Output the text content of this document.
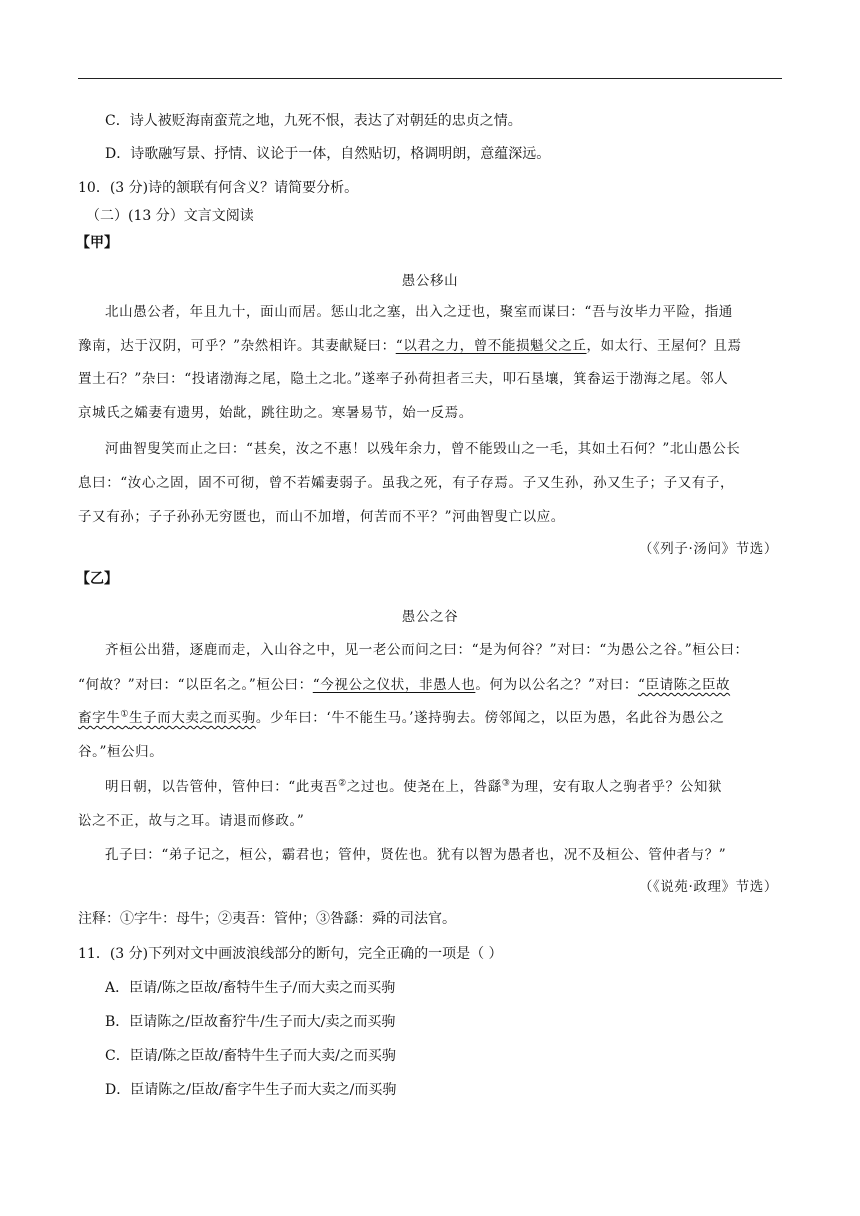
C．诗人被贬海南蛮荒之地，九死不恨，表达了对朝廷的忠贞之情。
D．诗歌融写景、抒情、议论于一体，自然贴切，格调明朗，意蕴深远。
10．(3 分)诗的颔联有何含义？请简要分析。
（二）(13 分）文言文阅读
【甲】
愚公移山
北山愚公者，年且九十，面山而居。惩山北之塞，出入之迂也，聚室而谋曰：“吾与汝毕力平险，指通
豫南，达于汉阴，可乎？”杂然相许。其妻献疑曰：“以君之力，曾不能损魁父之丘，如太行、王屋何？且焉
置土石？”杂曰：“投诸渤海之尾，隐土之北。”遂率子孙荷担者三夫，叩石垦壤，箕畚运于渤海之尾。邻人
京城氏之孀妻有遗男，始龀，跳往助之。寒暑易节，始一反焉。
河曲智叟笑而止之曰：“甚矣，汝之不惠！以残年余力，曾不能毁山之一毛，其如土石何？”北山愚公长
息曰：“汝心之固，固不可彻，曾不若孀妻弱子。虽我之死，有子存焉。子又生孙，孙又生子；子又有子，
子又有孙；子子孙孙无穷匮也，而山不加增，何苦而不平？”河曲智叟亡以应。
（《列子·汤问》节选）
【乙】
愚公之谷
齐桓公出猎，逐鹿而走，入山谷之中，见一老公而问之曰：“是为何谷？”对曰：“为愚公之谷。”桓公曰：
“何故？”对曰：“以臣名之。”桓公曰：“今视公之仪状，非愚人也。何为以公名之？”对曰：“臣请陈之臣故
畜字牛①生子而大卖之而买驹。少年曰：‘牛不能生马。’遂持驹去。傍邻闻之，以臣为愚，名此谷为愚公之
谷。”桓公归。
明日朝，以告管仲，管仲曰：“此夷吾②之过也。使尧在上，咎繇③为理，安有取人之驹者乎？公知狱
讼之不正，故与之耳。请退而修政。”
孔子曰：“弟子记之，桓公，霸君也；管仲，贤佐也。犹有以智为愚者也，况不及桓公、管仲者与？”
（《说苑·政理》节选）
注释：①字牛：母牛；②夷吾：管仲；③咎繇：舜的司法官。
11．(3 分)下列对文中画波浪线部分的断句，完全正确的一项是（ ）
A．臣请/陈之臣故/畜特牛生子/而大卖之而买驹
B．臣请陈之/臣故畜狞牛/生子而大/卖之而买驹
C．臣请/陈之臣故/畜特牛生子而大卖/之而买驹
D．臣请陈之/臣故/畜字牛生子而大卖之/而买驹
